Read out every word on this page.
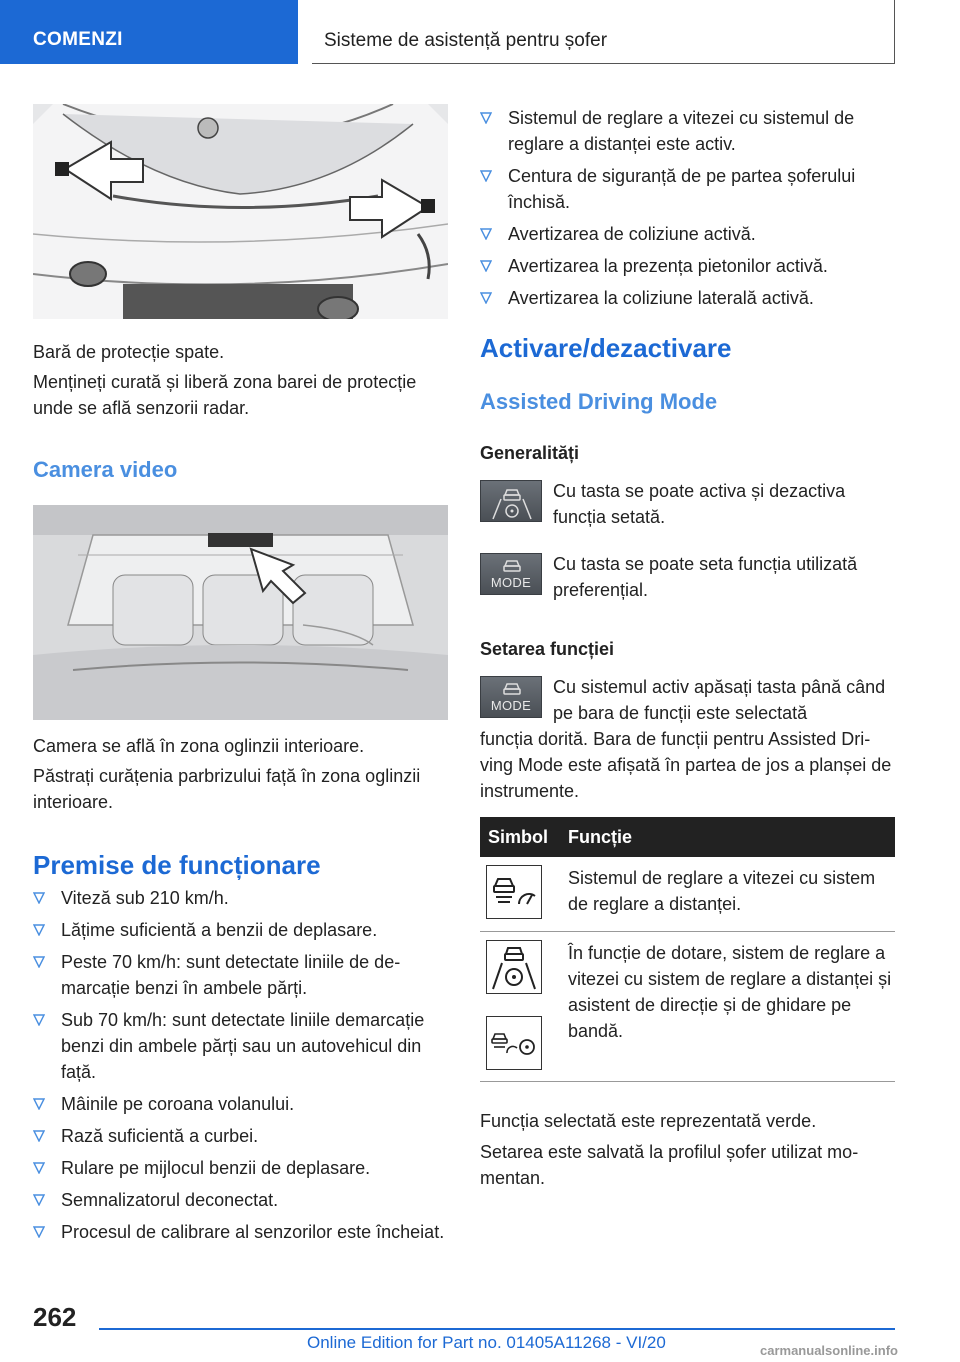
COMENZI	Sisteme de asistență pentru șofer
Bară de protecție spate.
Mențineți curată și liberă zona barei de protecție unde se află senzorii radar.
Camera video
Camera se află în zona oglinzii interioare.
Păstrați curățenia parbrizului față în zona oglinzii interioare.
Premise de funcționare
Viteză sub 210 km/h.
Lățime suficientă a benzii de deplasare.
Peste 70 km/h: sunt detectate liniile de demarcație benzi în ambele părți.
Sub 70 km/h: sunt detectate liniile demarcație benzi din ambele părți sau un autovehicul din față.
Mâinile pe coroana volanului.
Rază suficientă a curbei.
Rulare pe mijlocul benzii de deplasare.
Semnalizatorul deconectat.
Procesul de calibrare al senzorilor este încheiat.
Sistemul de reglare a vitezei cu sistemul de reglare a distanței este activ.
Centura de siguranță de pe partea șoferului închisă.
Avertizarea de coliziune activă.
Avertizarea la prezența pietonilor activă.
Avertizarea la coliziune laterală activă.
Activare/dezactivare
Assisted Driving Mode
Generalități
Cu tasta se poate activa și dezactiva funcția setată.
MODE
Cu tasta se poate seta funcția utilizată preferențial.
Setarea funcției
MODE
Cu sistemul activ apăsați tasta până când pe bara de funcții este selectată
funcția dorită. Bara de funcții pentru Assisted Driving Mode este afișată în partea de jos a planșei de instrumente.
Simbol Funcție
Sistemul de reglare a vitezei cu sistem de reglare a distanței.
În funcție de dotare, sistem de reglare a vitezei cu sistem de reglare a distanței și asistent de direcție și de ghidare pe bandă.
Funcția selectată este reprezentată verde.
Setarea este salvată la profilul șofer utilizat momentan.
262
Online Edition for Part no. 01405A11268 - VI/20	carmanualsonline.info
